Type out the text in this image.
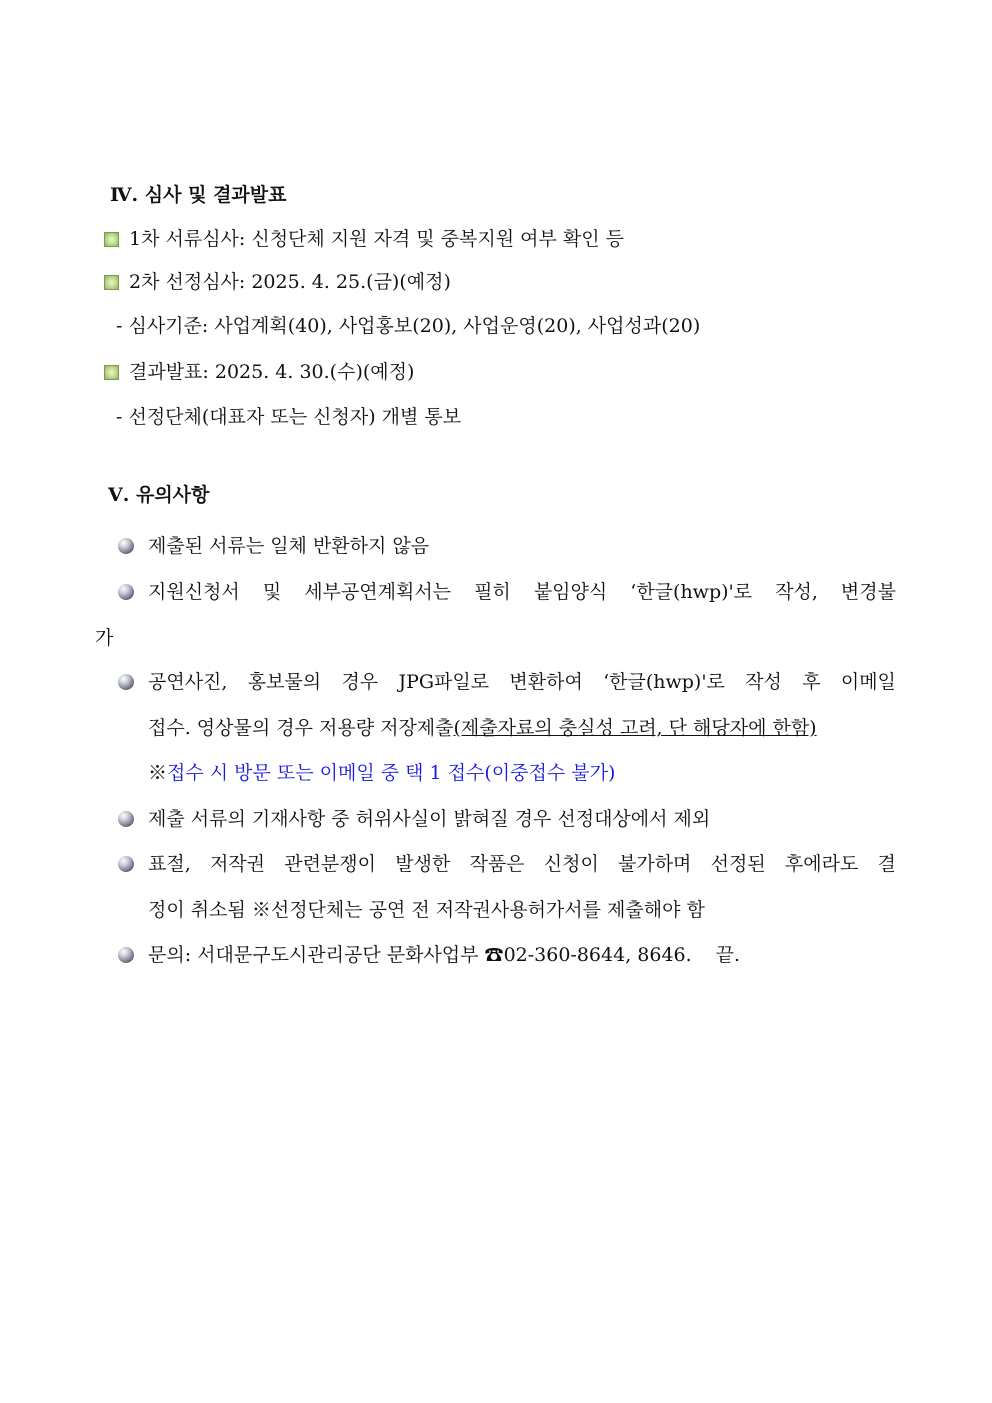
Ⅳ. 심사 및 결과발표
1차 서류심사: 신청단체 지원 자격 및 중복지원 여부 확인 등
2차 선정심사: 2025. 4. 25.(금)(예정)
- 심사기준: 사업계획(40), 사업홍보(20), 사업운영(20), 사업성과(20)
결과발표: 2025. 4. 30.(수)(예정)
- 선정단체(대표자 또는 신청자) 개별 통보
Ⅴ. 유의사항
제출된 서류는 일체 반환하지 않음
지원신청서 및 세부공연계획서는 필히 붙임양식 ‘한글(hwp)'로 작성, 변경불
가
공연사진, 홍보물의 경우 JPG파일로 변환하여 ‘한글(hwp)'로 작성 후 이메일
접수. 영상물의 경우 저용량 저장제출(제출자료의 충실성 고려, 단 해당자에 한함)
※접수 시 방문 또는 이메일 중 택 1 접수(이중접수 불가)
제출 서류의 기재사항 중 허위사실이 밝혀질 경우 선정대상에서 제외
표절, 저작권 관련분쟁이 발생한 작품은 신청이 불가하며 선정된 후에라도 결
정이 취소됨 ※선정단체는 공연 전 저작권사용허가서를 제출해야 함
문의: 서대문구도시관리공단 문화사업부 ☎02-360-8644, 8646. 끝.
